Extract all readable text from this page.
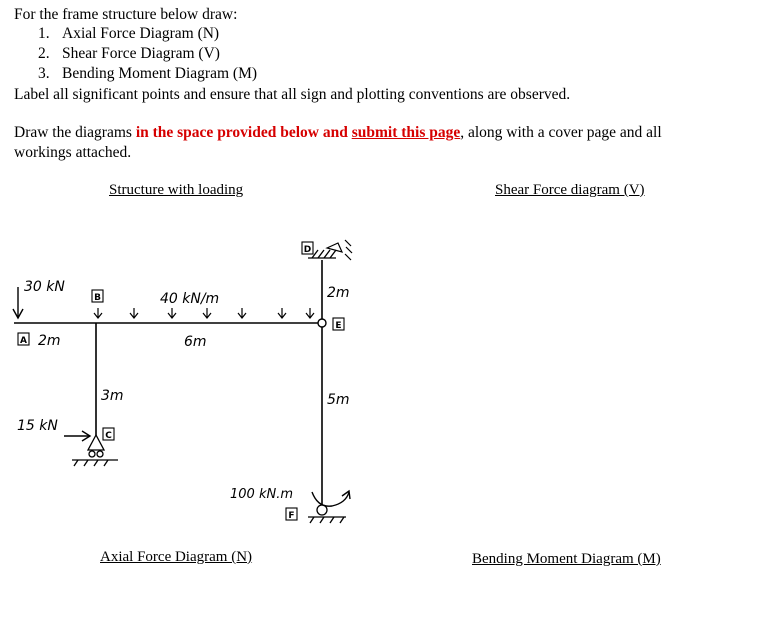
For the frame structure below draw:
1. Axial Force Diagram (N)
2. Shear Force Diagram (V)
3. Bending Moment Diagram (M)
Label all significant points and ensure that all sign and plotting conventions are observed.
Draw the diagrams in the space provided below and submit this page, along with a cover page and all
workings attached.
Structure with loading	Shear Force diagram (V)
Axial Force Diagram (N)	Bending Moment Diagram (M)
A
B
C
D
E
F
30 kN
40 kN/m
15 kN
100 kN.m
2m	6m
3m
2m
5m
